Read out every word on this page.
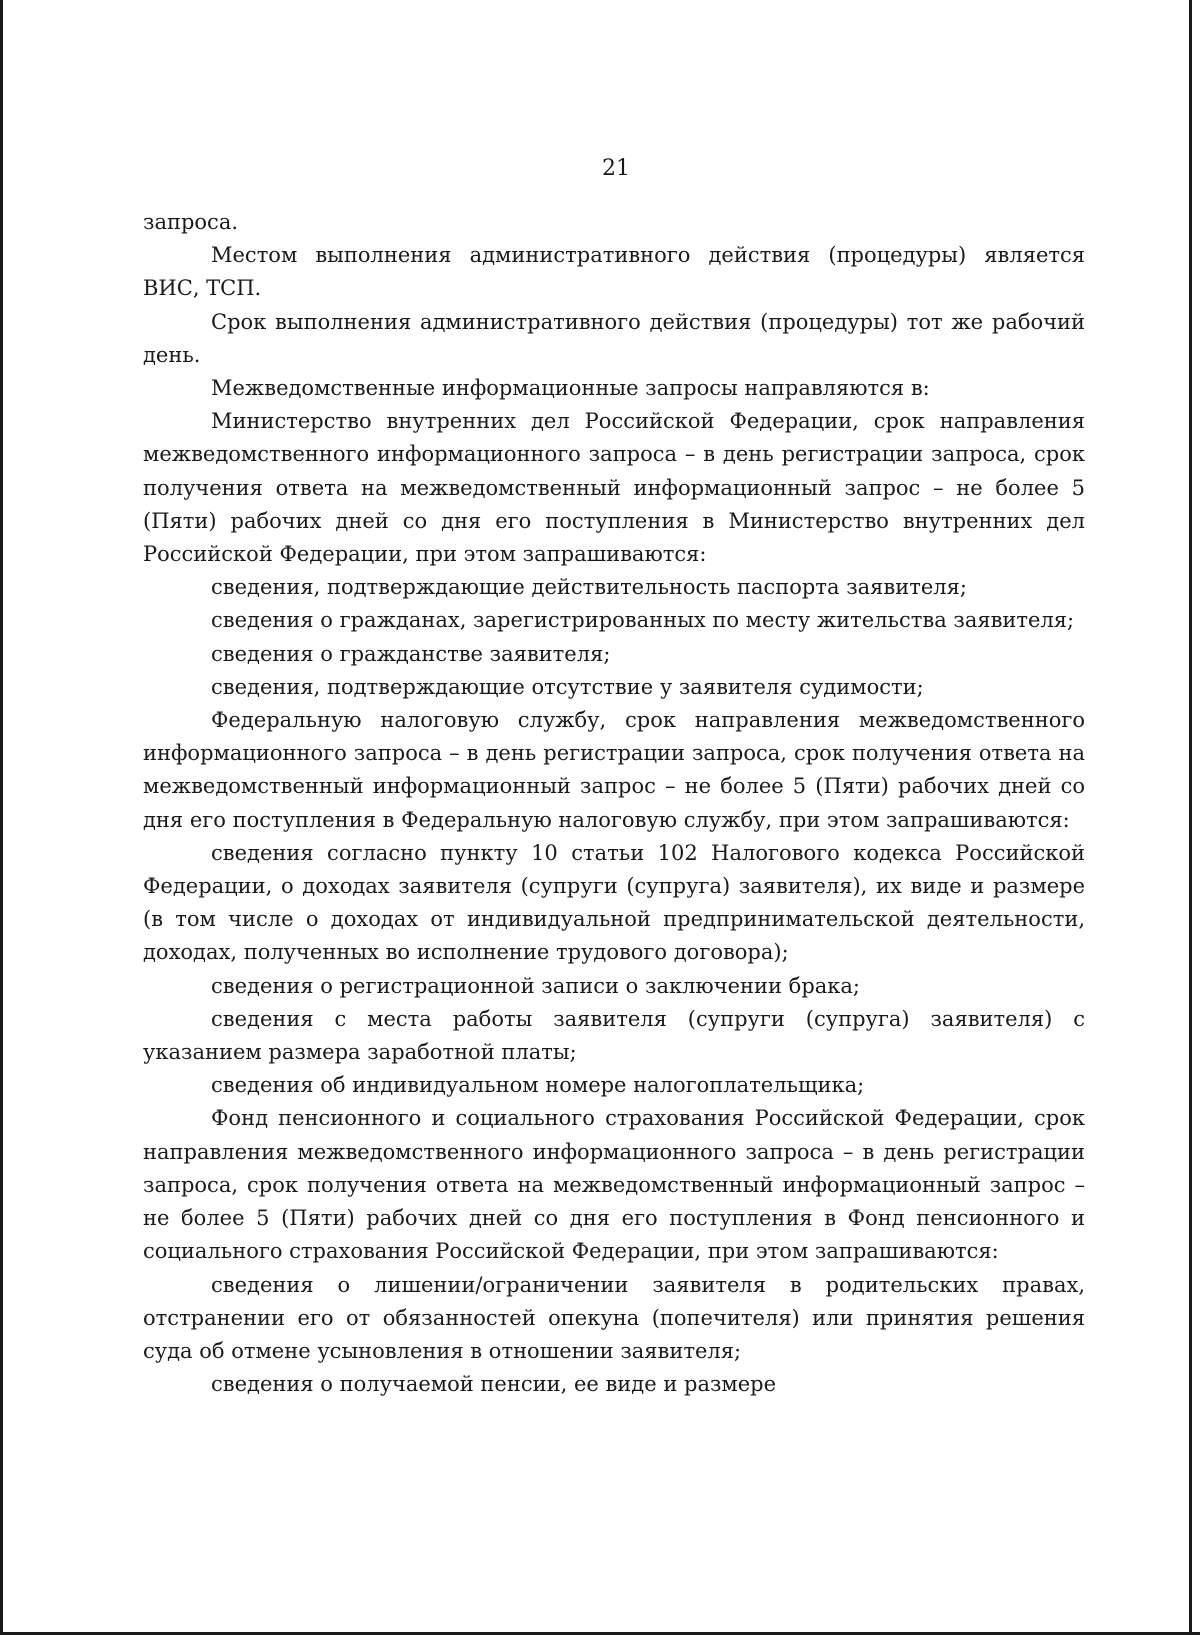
21

запроса.

Местом выполнения административного действия (процедуры) является ВИС, ТСП.

Срок выполнения административного действия (процедуры) тот же рабочий день.

Межведомственные информационные запросы направляются в:

Министерство внутренних дел Российской Федерации, срок направления межведомственного информационного запроса – в день регистрации запроса, срок получения ответа на межведомственный информационный запрос – не более 5 (Пяти) рабочих дней со дня его поступления в Министерство внутренних дел Российской Федерации, при этом запрашиваются:

сведения, подтверждающие действительность паспорта заявителя;

сведения о гражданах, зарегистрированных по месту жительства заявителя;

сведения о гражданстве заявителя;

сведения, подтверждающие отсутствие у заявителя судимости;

Федеральную налоговую службу, срок направления межведомственного информационного запроса – в день регистрации запроса, срок получения ответа на межведомственный информационный запрос – не более 5 (Пяти) рабочих дней со дня его поступления в Федеральную налоговую службу, при этом запрашиваются:

сведения согласно пункту 10 статьи 102 Налогового кодекса Российской Федерации, о доходах заявителя (супруги (супруга) заявителя), их виде и размере (в том числе о доходах от индивидуальной предпринимательской деятельности, доходах, полученных во исполнение трудового договора);

сведения о регистрационной записи о заключении брака;

сведения с места работы заявителя (супруги (супруга) заявителя) с указанием размера заработной платы;

сведения об индивидуальном номере налогоплательщика;

Фонд пенсионного и социального страхования Российской Федерации, срок направления межведомственного информационного запроса – в день регистрации запроса, срок получения ответа на межведомственный информационный запрос – не более 5 (Пяти) рабочих дней со дня его поступления в Фонд пенсионного и социального страхования Российской Федерации, при этом запрашиваются:

сведения о лишении/ограничении заявителя в родительских правах, отстранении его от обязанностей опекуна (попечителя) или принятия решения суда об отмене усыновления в отношении заявителя;

сведения о получаемой пенсии, ее виде и размере
